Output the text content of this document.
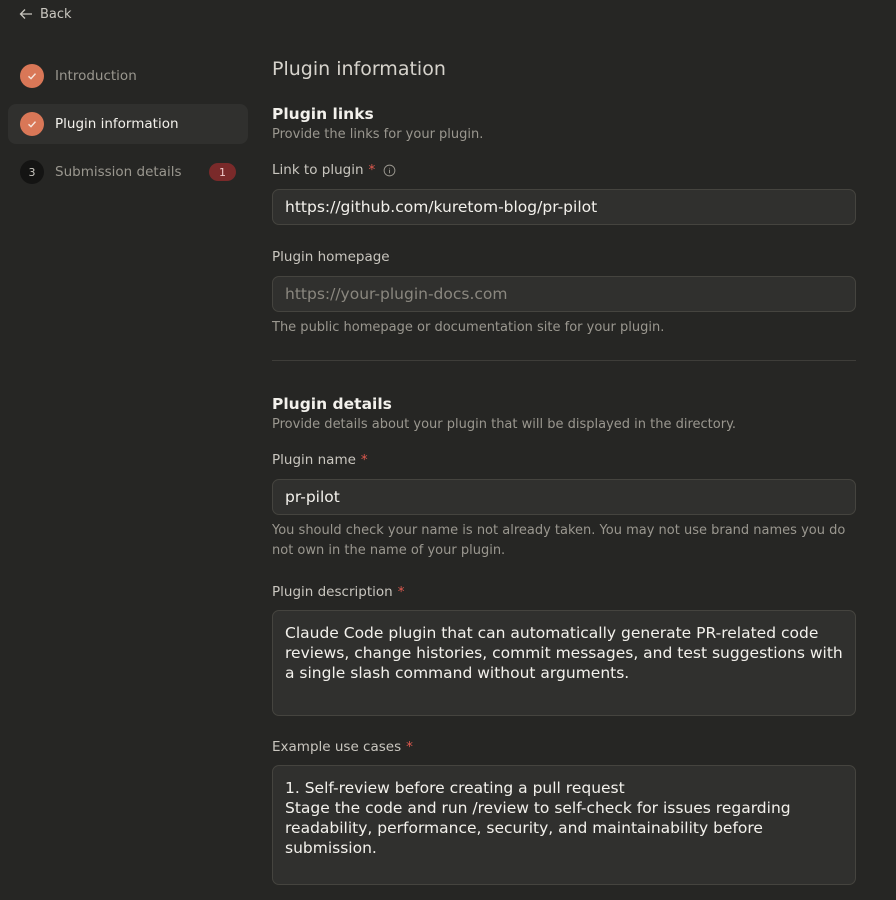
Back
Introduction
Plugin information
3	Submission details	1
Plugin information
Plugin links

Provide the links for your plugin.

Link to plugin *
https://github.com/kuretom-blog/pr-pilot
Plugin homepage
https://your-plugin-docs.com

The public homepage or documentation site for your plugin.

Plugin details

Provide details about your plugin that will be displayed in the directory.

Plugin name *
pr-pilot

You should check your name is not already taken. You may not use brand names you do not own in the name of your plugin.

Plugin description *
Claude Code plugin that can automatically generate PR-related code reviews, change histories, commit messages, and test suggestions with a single slash command without arguments.
Example use cases *
1. Self-review before creating a pull request
Stage the code and run /review to self-check for issues regarding readability, performance, security, and maintainability before submission.
